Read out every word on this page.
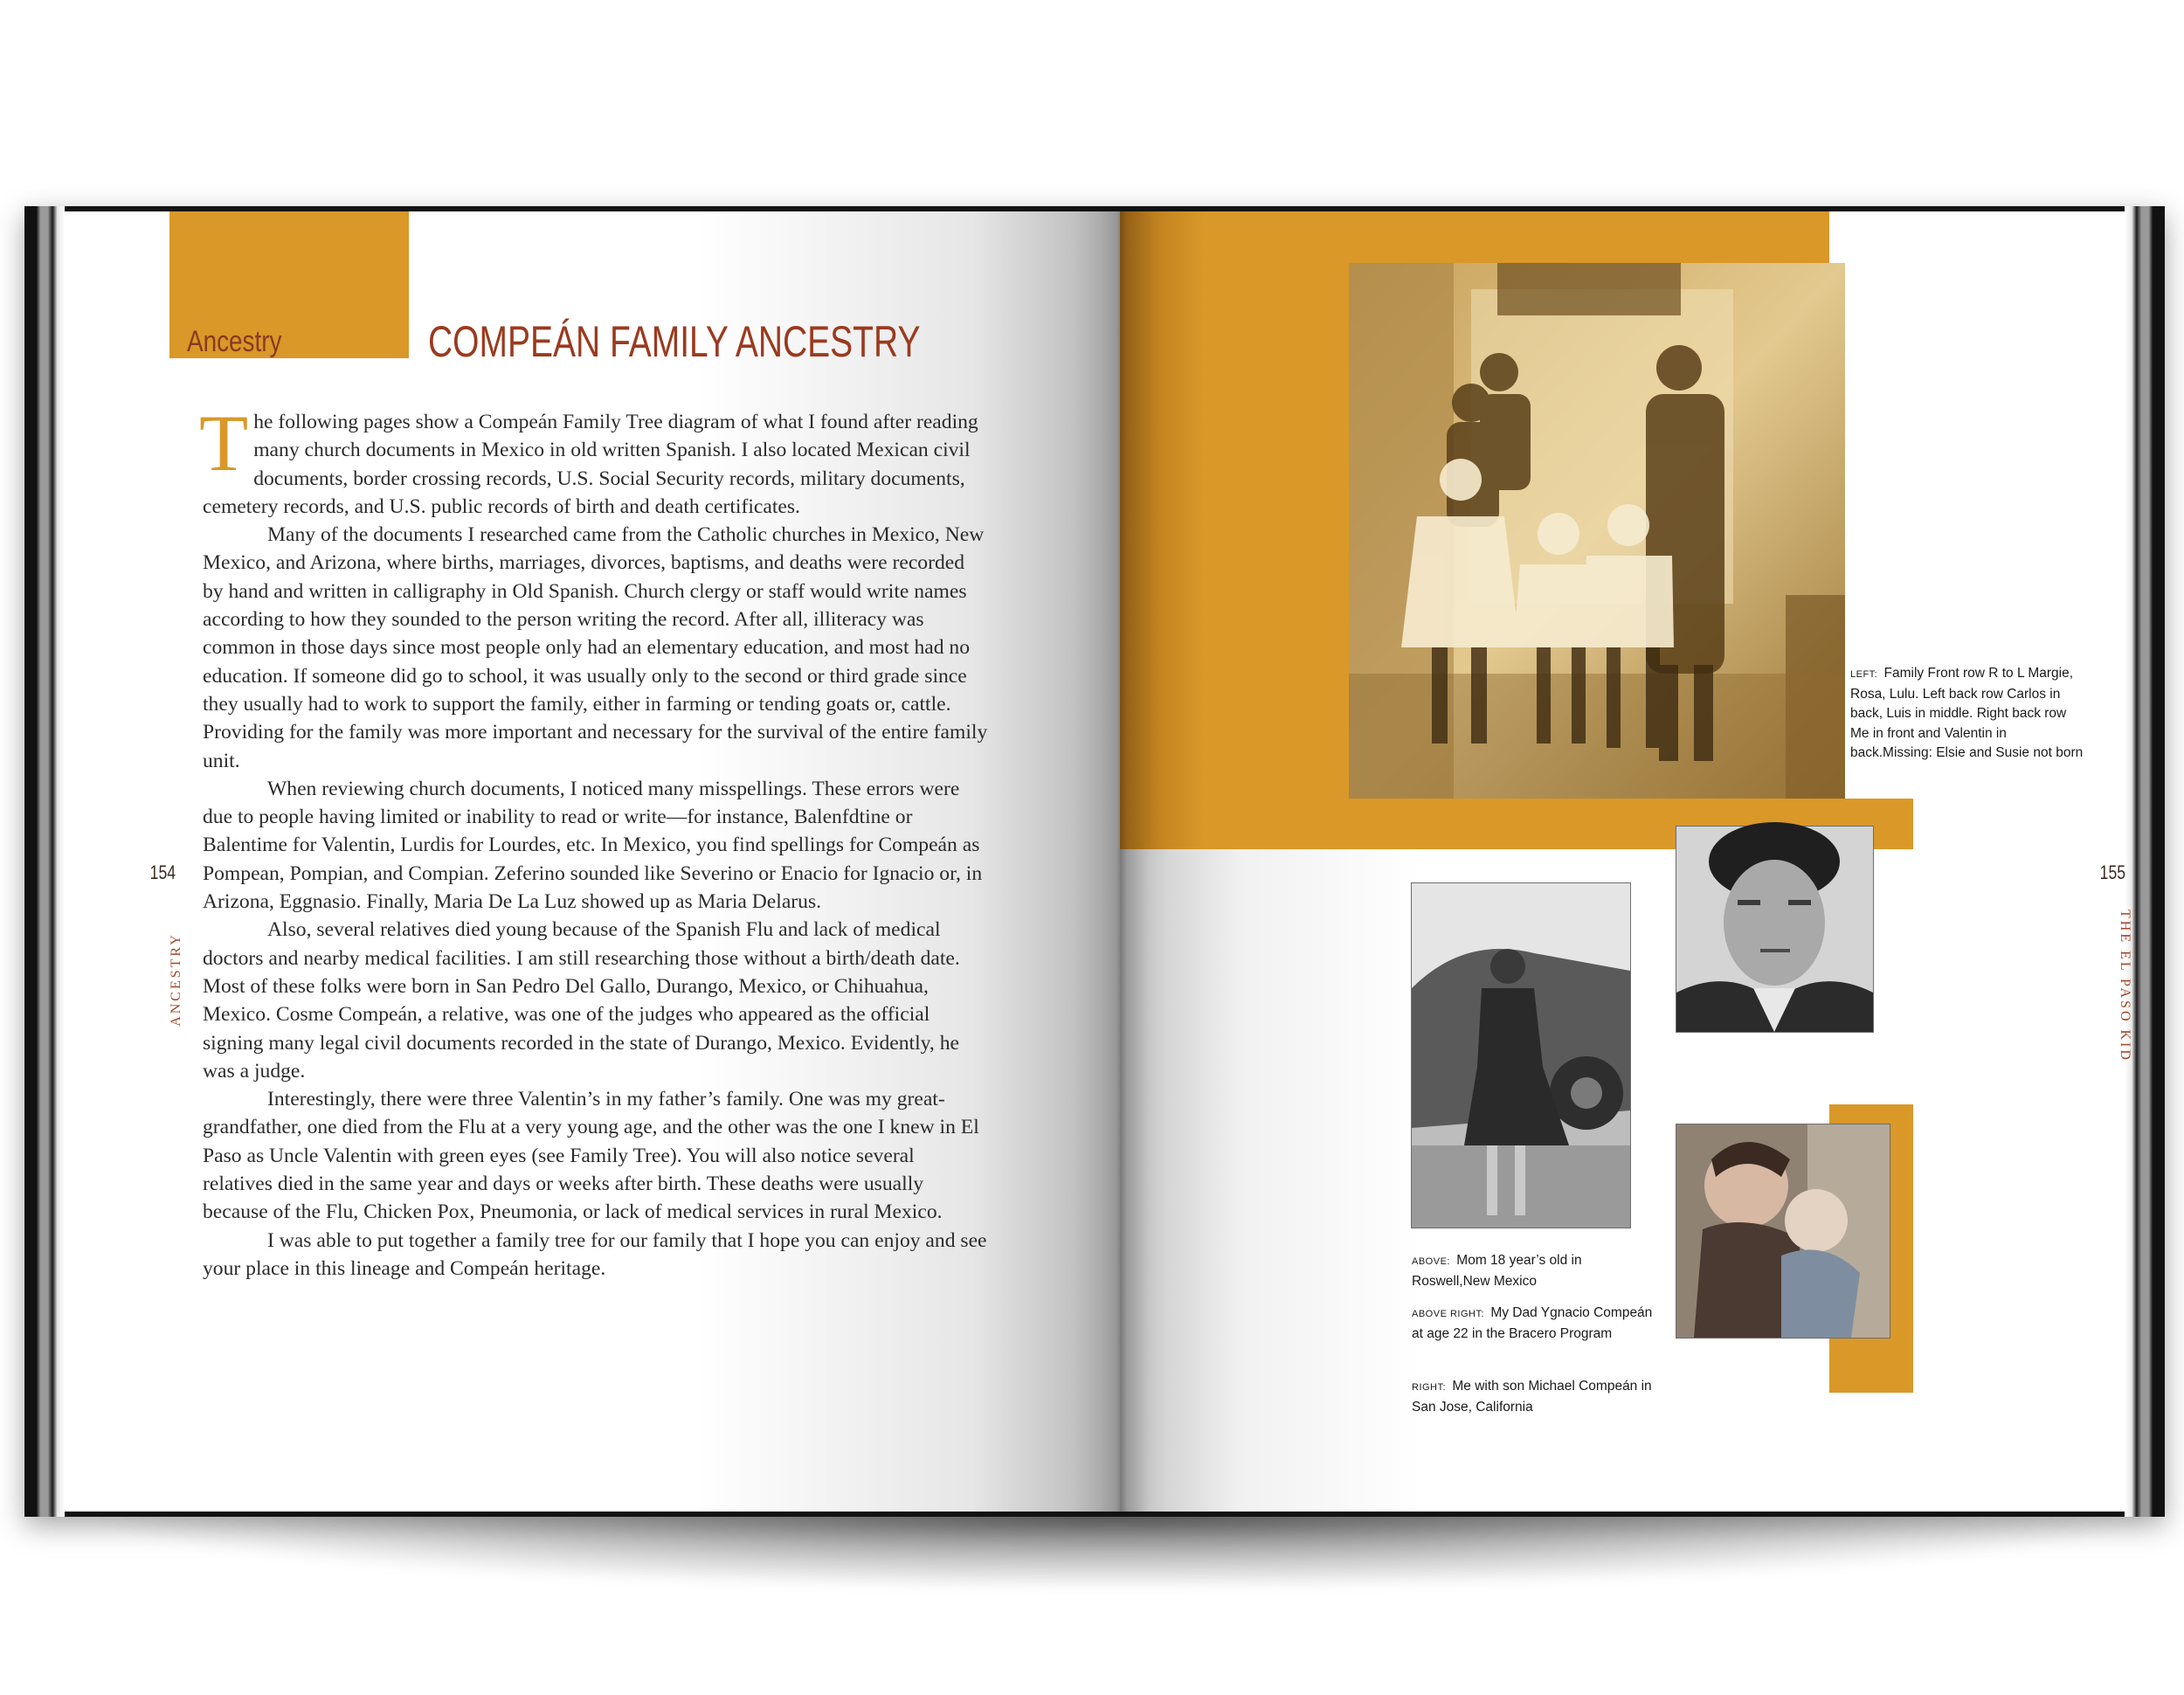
Ancestry	COMPEÁN FAMILY ANCESTRY

The following pages show a Compeán Family Tree diagram of what I found after reading many church documents in Mexico in old written Spanish. I also located Mexican civil documents, border crossing records, U.S. Social Security records, military documents, cemetery records, and U.S. public records of birth and death certificates.

Many of the documents I researched came from the Catholic churches in Mexico, New Mexico, and Arizona, where births, marriages, divorces, baptisms, and deaths were recorded by hand and written in calligraphy in Old Spanish. Church clergy or staff would write names according to how they sounded to the person writing the record. After all, illiteracy was common in those days since most people only had an elementary education, and most had no education. If someone did go to school, it was usually only to the second or third grade since they usually had to work to support the family, either in farming or tending goats or, cattle. Providing for the family was more important and necessary for the survival of the entire family unit.

When reviewing church documents, I noticed many misspellings. These errors were due to people having limited or inability to read or write—for instance, Balenfdtine or Balentime for Valentin, Lurdis for Lourdes, etc. In Mexico, you find spellings for Compeán as Pompean, Pompian, and Compian. Zeferino sounded like Severino or Enacio for Ignacio or, in Arizona, Eggnasio. Finally, Maria De La Luz showed up as Maria Delarus.

Also, several relatives died young because of the Spanish Flu and lack of medical doctors and nearby medical facilities. I am still researching those without a birth/death date. Most of these folks were born in San Pedro Del Gallo, Durango, Mexico, or Chihuahua, Mexico. Cosme Compeán, a relative, was one of the judges who appeared as the official signing many legal civil documents recorded in the state of Durango, Mexico. Evidently, he was a judge.

Interestingly, there were three Valentin’s in my father’s family. One was my great-grandfather, one died from the Flu at a very young age, and the other was the one I knew in El Paso as Uncle Valentin with green eyes (see Family Tree). You will also notice several relatives died in the same year and days or weeks after birth. These deaths were usually because of the Flu, Chicken Pox, Pneumonia, or lack of medical services in rural Mexico.

I was able to put together a family tree for our family that I hope you can enjoy and see your place in this lineage and Compeán heritage.

154
ANCESTRY
LEFT: Family Front row R to L Margie, Rosa, Lulu. Left back row Carlos in back, Luis in middle. Right back row Me in front and Valentin in back.Missing: Elsie and Susie not born
ABOVE: Mom 18 year’s old in Roswell,New Mexico
ABOVE RIGHT: My Dad Ygnacio Compeán at age 22 in the Bracero Program
RIGHT: Me with son Michael Compeán in San Jose, California
155
THE EL PASO KID
